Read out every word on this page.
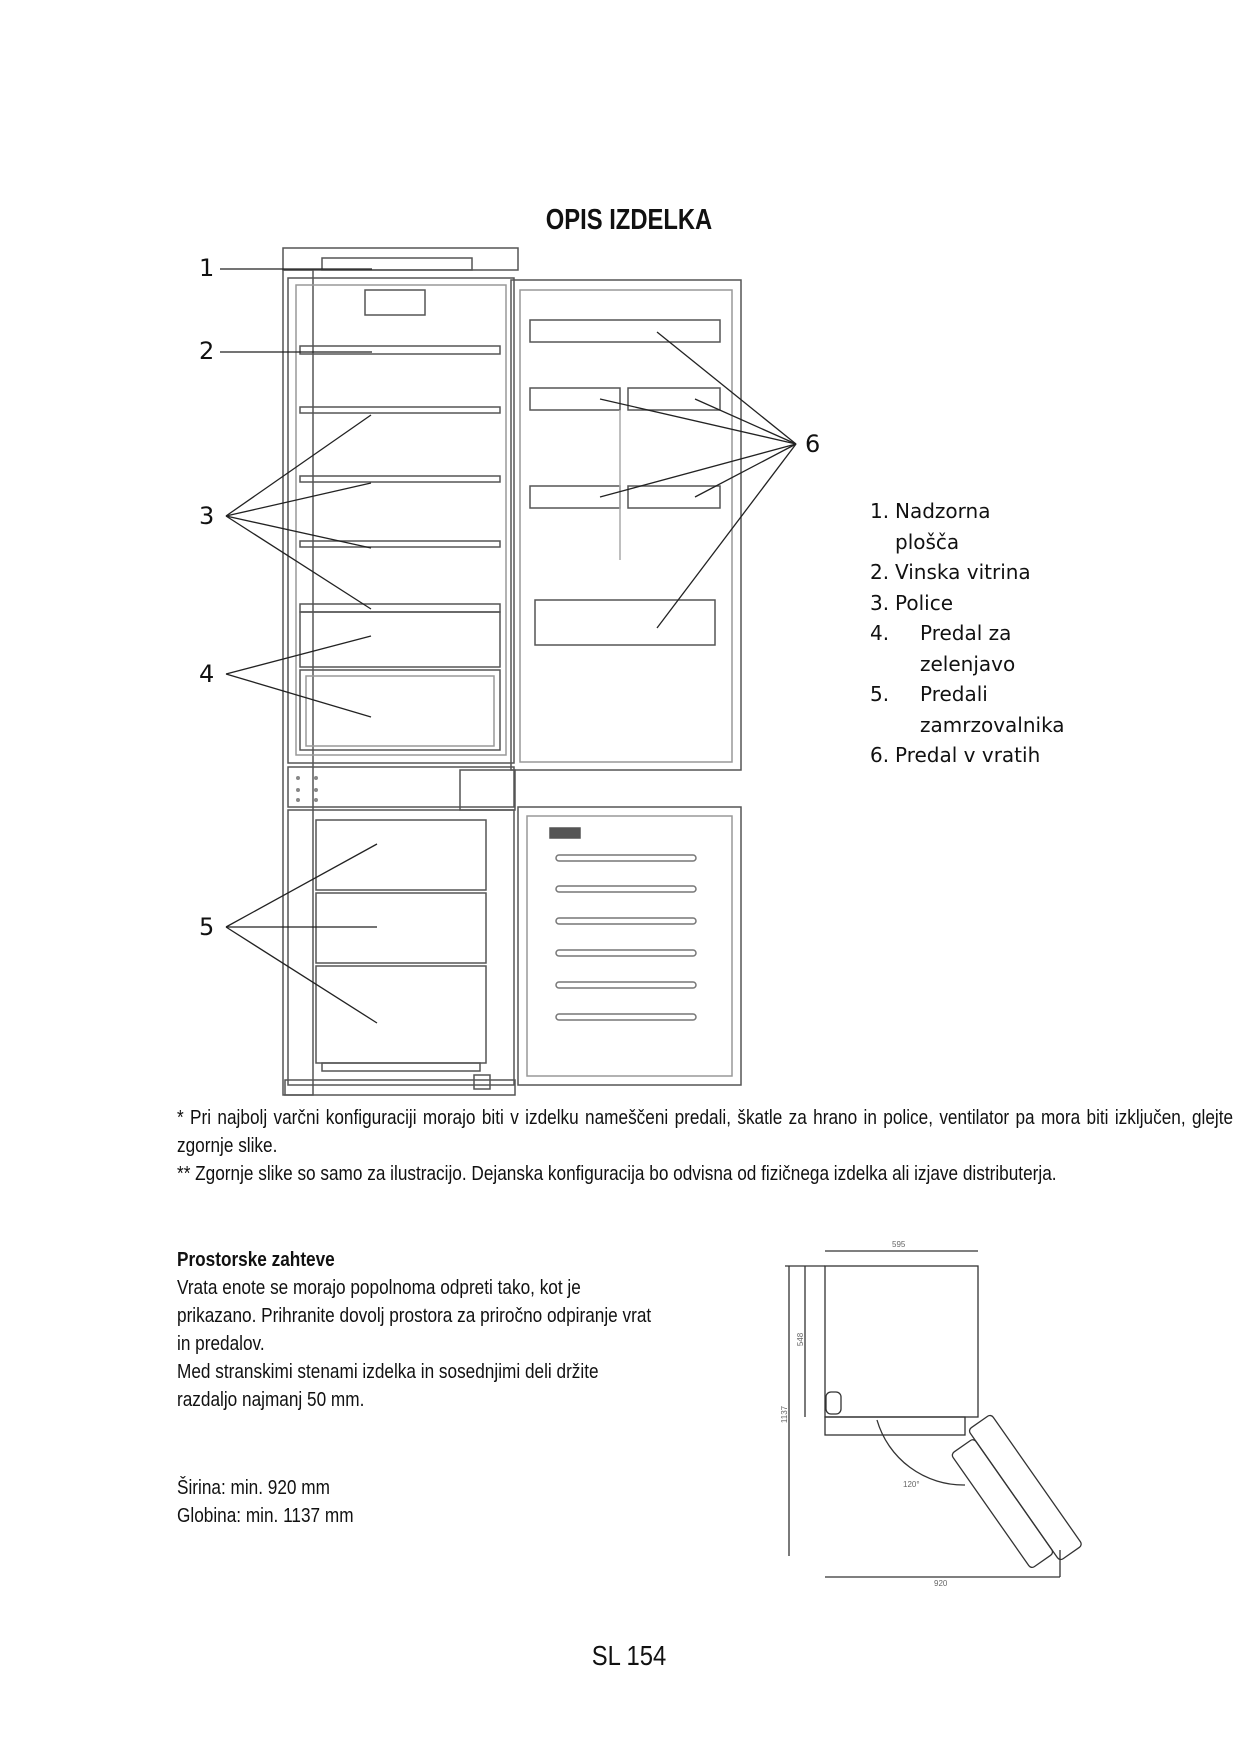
OPIS IZDELKA
1
2
3
4
5
6
1. Nadzorna plošča
2. Vinska vitrina
3. Police
4.	Predal za zelenjavo
5.	Predali zamrzovalnika
6. Predal v vratih

* Pri najbolj varčni konfiguraciji morajo biti v izdelku nameščeni predali, škatle za hrano in police, ventilator pa mora biti izklјučen, glejte zgornje slike.

** Zgornje slike so samo za ilustracijo. Dejanska konfiguracija bo odvisna od fizičnega izdelka ali izjave distributerja.

Prostorske zahteve

Vrata enote se morajo popolnoma odpreti tako, kot je prikazano. Prihranite dovolj prostora za priročno odpiranje vrat in predalov.

Med stranskimi stenami izdelka in sosednjimi deli držite razdaljo najmanj 50 mm.

Širina: min. 920 mm
Globina: min. 1137 mm
595
548
1137
920
120°
SL 154
